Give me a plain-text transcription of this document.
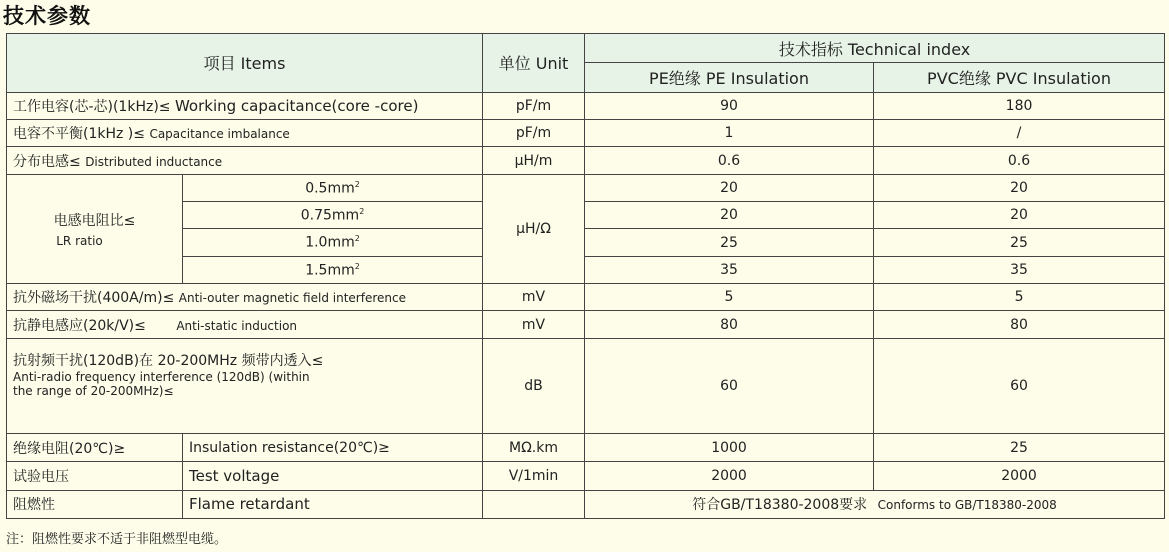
技术参数
项目 Items		单位 Unit	技术指标 Technical index	
			PE绝缘 PE Insulation	PVC绝缘 PVC Insulation
工作电容(芯-芯)(1kHz)≤ Working capacitance(core -core)		pF/m	90	180
电容不平衡(1kHz )≤ Capacitance imbalance		pF/m	1	/
分布电感≤ Distributed inductance		μH/m	0.6	0.6

电感电阻比≤
LR ratio	$0.5mm^2$	μH/Ω	20	20
	$0.75mm^2$		20	20
	$1.0mm^2$		25	25
	$1.5mm^2$		35	35
抗外磁场干扰(400A/m)≤ Anti-outer magnetic field interference		mV	5	5
抗静电感应(20k/V)≤ Anti-static induction		mV	80	80

抗射频干扰(120dB)在 20-200MHz 频带内透入≤
Anti-radio frequency interference (120dB) (within
the range of 20-200MHz)≤		dB	60	60
绝缘电阻(20℃)≥	Insulation resistance(20℃)≥	MΩ.km	1000	25
试验电压	Test voltage	V/1min	2000	2000
阻燃性	Flame retardant		符合GB/T18380-2008要求 Conforms to GB/T18380-2008	
注：阻燃性要求不适于非阻燃型电缆。
